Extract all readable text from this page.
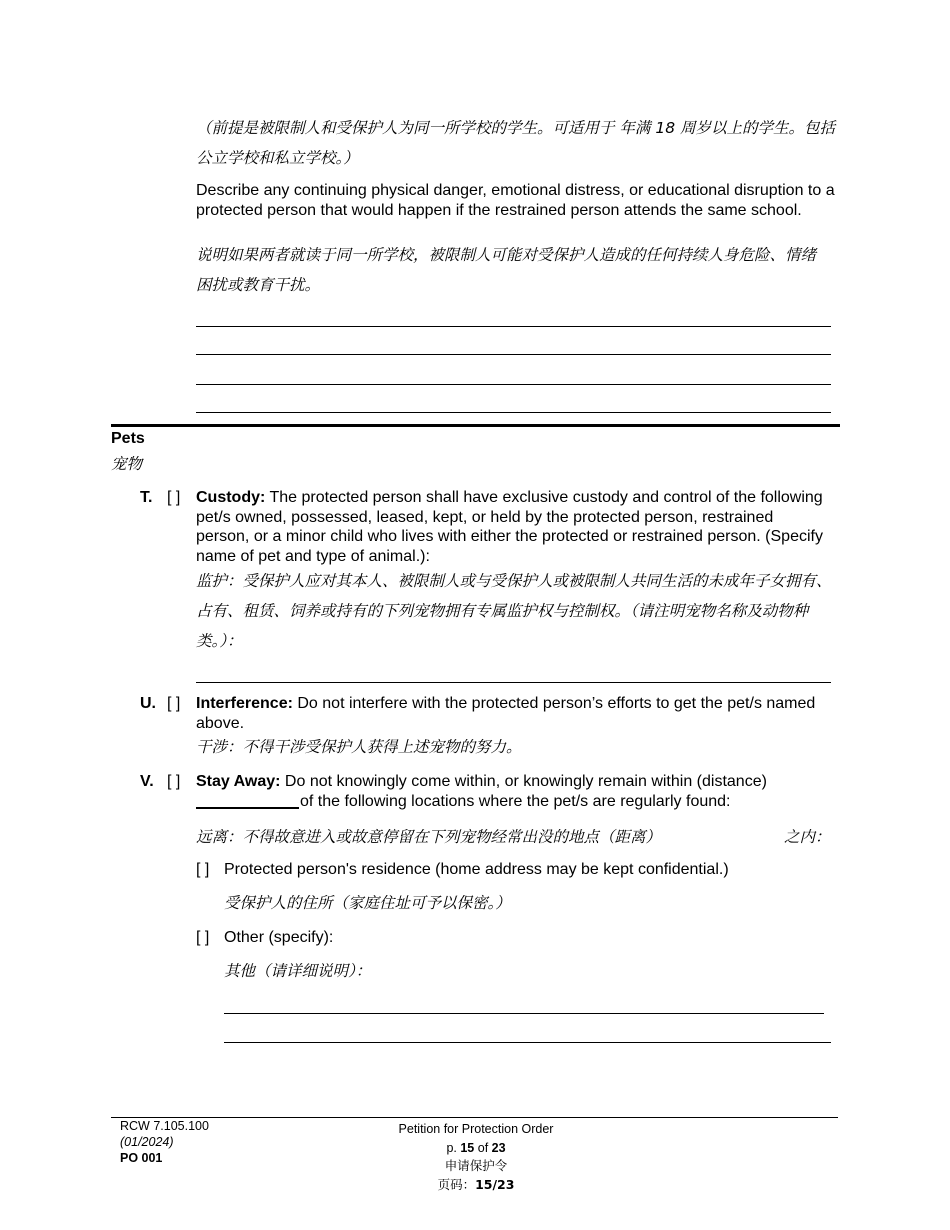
（前提是被限制人和受保护人为同一所学校的学生。可适用于 年满 18 周岁以上的学生。包括公立学校和私立学校。）
Describe any continuing physical danger, emotional distress, or educational disruption to a protected person that would happen if the restrained person attends the same school.
说明如果两者就读于同一所学校，被限制人可能对受保护人造成的任何持续人身危险、情绪困扰或教育干扰。
Pets
宠物
T. [ ] Custody: The protected person shall have exclusive custody and control of the following pet/s owned, possessed, leased, kept, or held by the protected person, restrained person, or a minor child who lives with either the protected or restrained person. (Specify name of pet and type of animal.):
监护：受保护人应对其本人、被限制人或与受保护人或被限制人共同生活的未成年子女拥有、占有、租赁、饲养或持有的下列宠物拥有专属监护权与控制权。（请注明宠物名称及动物种类。）：
U. [ ] Interference: Do not interfere with the protected person’s efforts to get the pet/s named above.
干涉：不得干涉受保护人获得上述宠物的努力。
V. [ ] Stay Away: Do not knowingly come within, or knowingly remain within (distance)
of the following locations where the pet/s are regularly found:
远离：不得故意进入或故意停留在下列宠物经常出没的地点（距离）	之内：
[ ] Protected person's residence (home address may be kept confidential.)
受保护人的住所（家庭住址可予以保密。）
[ ] Other (specify):
其他（请详细说明）：
RCW 7.105.100
(01/2024)
PO 001
Petition for Protection Order
p. 15 of 23
申请保护令
页码：15/23
